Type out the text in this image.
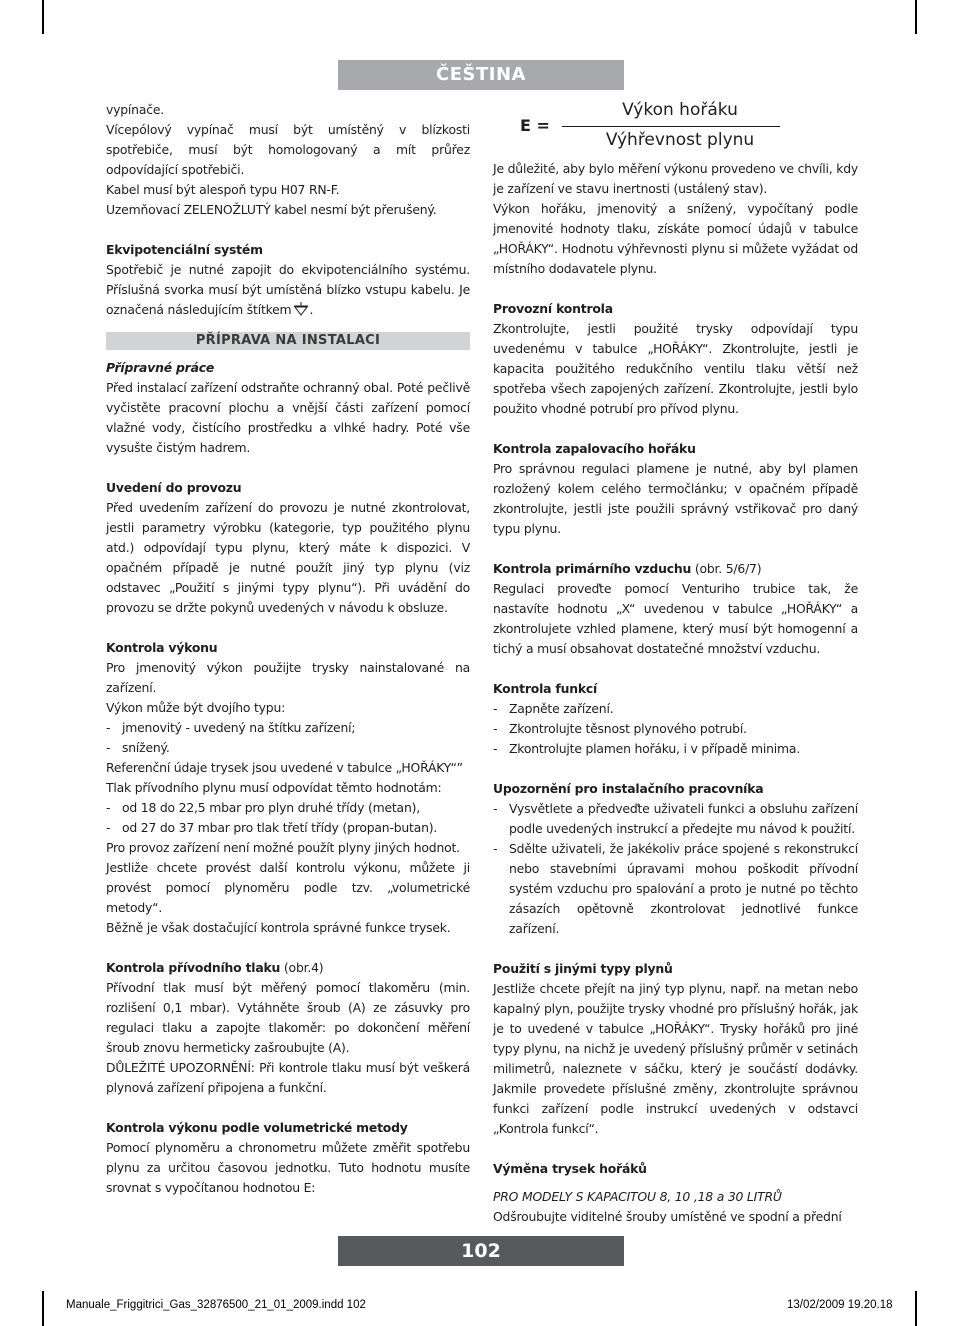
ČEŠTINA

vypínače.

Vícepólový vypínač musí být umístěný v blízkosti spotřebiče, musí být homologovaný a mít průřez odpovídající spotřebiči.

Kabel musí být alespoň typu H07 RN-F.

Uzemňovací ZELENOŽLUTÝ kabel nesmí být přerušený.

Ekvipotenciální systém

Spotřebič je nutné zapojit do ekvipotenciálního systému. Příslušná svorka musí být umístěná blízko vstupu kabelu. Je označená následujícím štítkem .

PŘÍPRAVA NA INSTALACI

Přípravné práce

Před instalací zařízení odstraňte ochranný obal. Poté pečlivě vyčistěte pracovní plochu a vnější části zařízení pomocí vlažné vody, čistícího prostředku a vlhké hadry. Poté vše vysušte čistým hadrem.

Uvedení do provozu

Před uvedením zařízení do provozu je nutné zkontrolovat, jestli parametry výrobku (kategorie, typ použitého plynu atd.) odpovídají typu plynu, který máte k dispozici. V opačném případě je nutné použít jiný typ plynu (viz odstavec „Použití s jinými typy plynu“). Při uvádění do provozu se držte pokynů uvedených v návodu k obsluze.

Kontrola výkonu

Pro jmenovitý výkon použijte trysky nainstalované na zařízení.

Výkon může být dvojího typu:

- jmenovitý - uvedený na štítku zařízení;
- snížený.

Referenční údaje trysek jsou uvedené v tabulce „HOŘÁKY“”

Tlak přívodního plynu musí odpovídat těmto hodnotám:

- od 18 do 22,5 mbar pro plyn druhé třídy (metan),
- od 27 do 37 mbar pro tlak třetí třídy (propan-butan).

Pro provoz zařízení není možné použít plyny jiných hodnot.

Jestliže chcete provést další kontrolu výkonu, můžete ji provést pomocí plynoměru podle tzv. „volumetrické metody“.

Běžně je však dostačující kontrola správné funkce trysek.

Kontrola přívodního tlaku (obr.4)

Přívodní tlak musí být měřený pomocí tlakoměru (min. rozlišení 0,1 mbar). Vytáhněte šroub (A) ze zásuvky pro regulaci tlaku a zapojte tlakoměr: po dokončení měření šroub znovu hermeticky zašroubujte (A).

DŮLEŽITÉ UPOZORNĚNÍ: Při kontrole tlaku musí být veškerá plynová zařízení připojena a funkční.

Kontrola výkonu podle volumetrické metody

Pomocí plynoměru a chronometru můžete změřit spotřebu plynu za určitou časovou jednotku. Tuto hodnotu musíte srovnat s vypočítanou hodnotou E:

E =
Výkon hořáku
Výhřevnost plynu

Je důležité, aby bylo měření výkonu provedeno ve chvíli, kdy je zařízení ve stavu inertnosti (ustálený stav).

Výkon hořáku, jmenovitý a snížený, vypočítaný podle jmenovité hodnoty tlaku, získáte pomocí údajů v tabulce „HOŘÁKY“. Hodnotu výhřevnosti plynu si můžete vyžádat od místního dodavatele plynu.

Provozní kontrola

Zkontrolujte, jestli použité trysky odpovídají typu uvedenému v tabulce „HOŘÁKY“. Zkontrolujte, jestli je kapacita použitého redukčního ventilu tlaku větší než spotřeba všech zapojených zařízení. Zkontrolujte, jestli bylo použito vhodné potrubí pro přívod plynu.

Kontrola zapalovacího hořáku

Pro správnou regulaci plamene je nutné, aby byl plamen rozložený kolem celého termočlánku; v opačném případě zkontrolujte, jestli jste použili správný vstřikovač pro daný typu plynu.

Kontrola primárního vzduchu (obr. 5/6/7)

Regulaci proveďte pomocí Venturiho trubice tak, že nastavíte hodnotu „X“ uvedenou v tabulce „HOŘÁKY“ a zkontrolujete vzhled plamene, který musí být homogenní a tichý a musí obsahovat dostatečné množství vzduchu.

Kontrola funkcí

- Zapněte zařízení.
- Zkontrolujte těsnost plynového potrubí.
- Zkontrolujte plamen hořáku, i v případě minima.

Upozornění pro instalačního pracovníka

- Vysvětlete a předveďte uživateli funkci a obsluhu zařízení podle uvedených instrukcí a předejte mu návod k použití.
- Sdělte uživateli, že jakékoliv práce spojené s rekonstrukcí nebo stavebními úpravami mohou poškodit přívodní systém vzduchu pro spalování a proto je nutné po těchto zásazích opětovně zkontrolovat jednotlivé funkce zařízení.

Použití s jinými typy plynů

Jestliže chcete přejít na jiný typ plynu, např. na metan nebo kapalný plyn, použijte trysky vhodné pro příslušný hořák, jak je to uvedené v tabulce „HOŘÁKY“. Trysky hořáků pro jiné typy plynu, na nichž je uvedený příslušný průměr v setinách milimetrů, naleznete v sáčku, který je součástí dodávky. Jakmile provedete příslušné změny, zkontrolujte správnou funkci zařízení podle instrukcí uvedených v odstavci „Kontrola funkcí“.

Výměna trysek hořáků

PRO MODELY S KAPACITOU 8, 10 ,18 a 30 LITRŮ

Odšroubujte viditelné šrouby umístěné ve spodní a přední

102
Manuale_Friggitrici_Gas_32876500_21_01_2009.indd 102	13/02/2009 19.20.18
